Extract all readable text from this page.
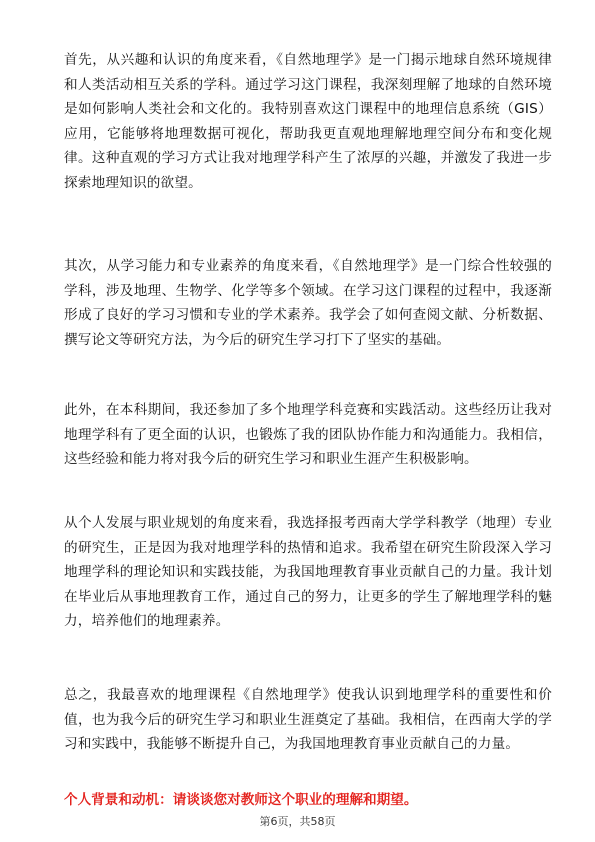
首先，从兴趣和认识的角度来看，《自然地理学》是一门揭示地球自然环境规律和人类活动相互关系的学科。通过学习这门课程，我深刻理解了地球的自然环境是如何影响人类社会和文化的。我特别喜欢这门课程中的地理信息系统（GIS）应用，它能够将地理数据可视化，帮助我更直观地理解地理空间分布和变化规律。这种直观的学习方式让我对地理学科产生了浓厚的兴趣，并激发了我进一步探索地理知识的欲望。

其次，从学习能力和专业素养的角度来看，《自然地理学》是一门综合性较强的学科，涉及地理、生物学、化学等多个领域。在学习这门课程的过程中，我逐渐形成了良好的学习习惯和专业的学术素养。我学会了如何查阅文献、分析数据、撰写论文等研究方法，为今后的研究生学习打下了坚实的基础。

此外，在本科期间，我还参加了多个地理学科竞赛和实践活动。这些经历让我对地理学科有了更全面的认识，也锻炼了我的团队协作能力和沟通能力。我相信，这些经验和能力将对我今后的研究生学习和职业生涯产生积极影响。

从个人发展与职业规划的角度来看，我选择报考西南大学学科教学（地理）专业的研究生，正是因为我对地理学科的热情和追求。我希望在研究生阶段深入学习地理学科的理论知识和实践技能，为我国地理教育事业贡献自己的力量。我计划在毕业后从事地理教育工作，通过自己的努力，让更多的学生了解地理学科的魅力，培养他们的地理素养。

总之，我最喜欢的地理课程《自然地理学》使我认识到地理学科的重要性和价值，也为我今后的研究生学习和职业生涯奠定了基础。我相信，在西南大学的学习和实践中，我能够不断提升自己，为我国地理教育事业贡献自己的力量。

个人背景和动机：请谈谈您对教师这个职业的理解和期望。

第6页，共58页
